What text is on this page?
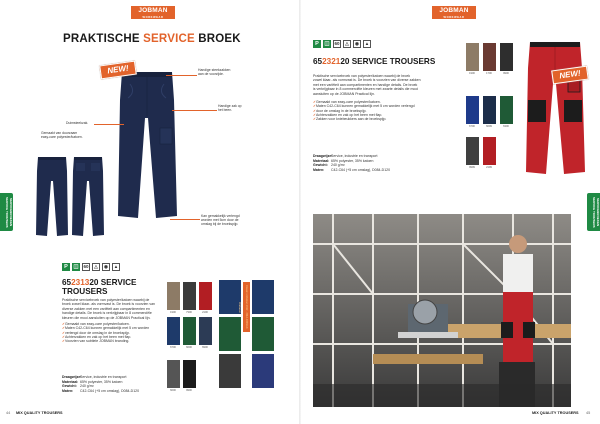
JOBMAN
WORKWEAR
SERVICEBROEKEN
SERVICE TROUSERS
PRAKTISCHE SERVICE BROEK
NEW!	Handige steekzakken
aan de voorzijde.
Handige zak op
het been.
Duimsteekzak.
Gemaakt van duurzaam
easy-care polyester/katoen.
Kan gemakkelijk verlengd
worden met 5cm door de
omslag bij de broekspijp.
P	◫	60	△	◉	▲
65231320 SERVICE
TROUSERS
Praktische servicebroek van polyester/katoen waarbij de
broek zowel klaar- als vormvast is. De broek is voorzien van
diverse zakken met een variëteit aan compartimenten en
handige details. De broek is verkrijgbaar in 8 commerciële
kleuren die mooi aansluiten op de JOBMAN Practical lijn.
✓ Gemaakt van easy-care polyester/katoen.
✓ Maten C42-C64 kunnen gemakkelijk met 5 cm worden
✓ verlengd door de omslag in de broekspijp.
✓ Achterzakken en zak op het been met flap.
✓ Voorzien van subtiele JOBMAN branding.
Draagwijze:
Service, industrie en transport
Materiaal: 65% polyester, 35% katoen
Gewicht: 240 g/m²
Maten:	C42-C64 (+5 cm omslag), D084-D120
1900	7300	2100
6700	6600	6900
6600	9900
Classic Uniformen 2012 · 2013 JOBMAN Workwear
44 MIX QUALITY TROUSERS
JOBMAN
WORKWEAR
SERVICEBROEKEN
SERVICE TROUSERS
P	◫	60	△	◉	▲
65232120 SERVICE TROUSERS
Praktische servicebroek van polyester/katoen waarbij de broek
zowel klaar- als vormvast is. De broek is voorzien van diverse zakken
met een variëteit aan compartimenten en handige details. De broek
is verkrijgbaar in 8 commerciële kleuren met zwarte details die mooi
aansluiten op de JOBMAN Practical lijn.
✓ Gemaakt van easy-care polyester/katoen.
✓ Maten C42-C64 kunnen gemakkelijk met 5 cm worden verlengd
✓ door de omslag in de broekspijp.
✓ Achterzakken en zak op het been met flap.
✓ Zakken voor kniebeukkers aan de broekspijp.
Draagwijze:
Service, industrie en transport
Materiaal: 65% polyester, 35% katoen
Gewicht: 240 g/m²
Maten:	C42-C64 (+5 cm omslag), D084-D120
1900	1700	9900
6700	6699	6300
9999	2199
NEW!
45
MIX QUALITY TROUSERS
